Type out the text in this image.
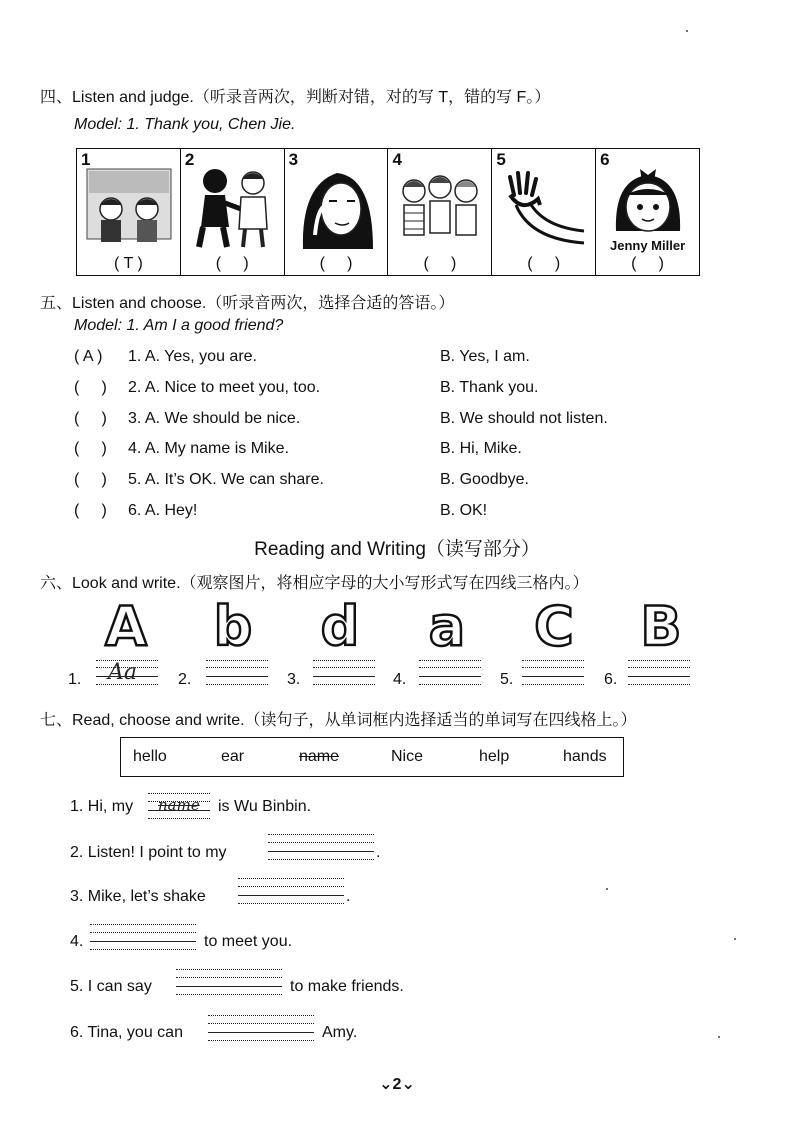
四、Listen and judge.（听录音两次，判断对错，对的写 T，错的写 F。）
Model: 1. Thank you, Chen Jie.
1
( T )
2
(     )
3
(     )
4
(     )
5
(     )
6
Jenny Miller
(     )
五、Listen and choose.（听录音两次，选择合适的答语。）
Model: 1. Am I a good friend?
( A ) 1. A. Yes, you are.	B. Yes, I am.
(     ) 2. A. Nice to meet you, too.	B. Thank you.
(     ) 3. A. We should be nice.	B. We should not listen.
(     ) 4. A. My name is Mike.	B. Hi, Mike.
(     ) 5. A. It’s OK. We can share.	B. Goodbye.
(     ) 6. A. Hey!	B. OK!
Reading and Writing（读写部分）
六、Look and write.（观察图片，将相应字母的大小写形式写在四线三格内。）
A b d a C B
1.	2.	3.	4.	5.	6.
Aa
七、Read, choose and write.（读句子，从单词框内选择适当的单词写在四线格上。）
hello	ear	name	Nice	help	hands
1. Hi, my name is Wu Binbin.
2. Listen! I point to my	.
3. Mike, let’s shake	.
4.	to meet you.
5. I can say	to make friends.
6. Tina, you can	Amy.
⌄2⌄
